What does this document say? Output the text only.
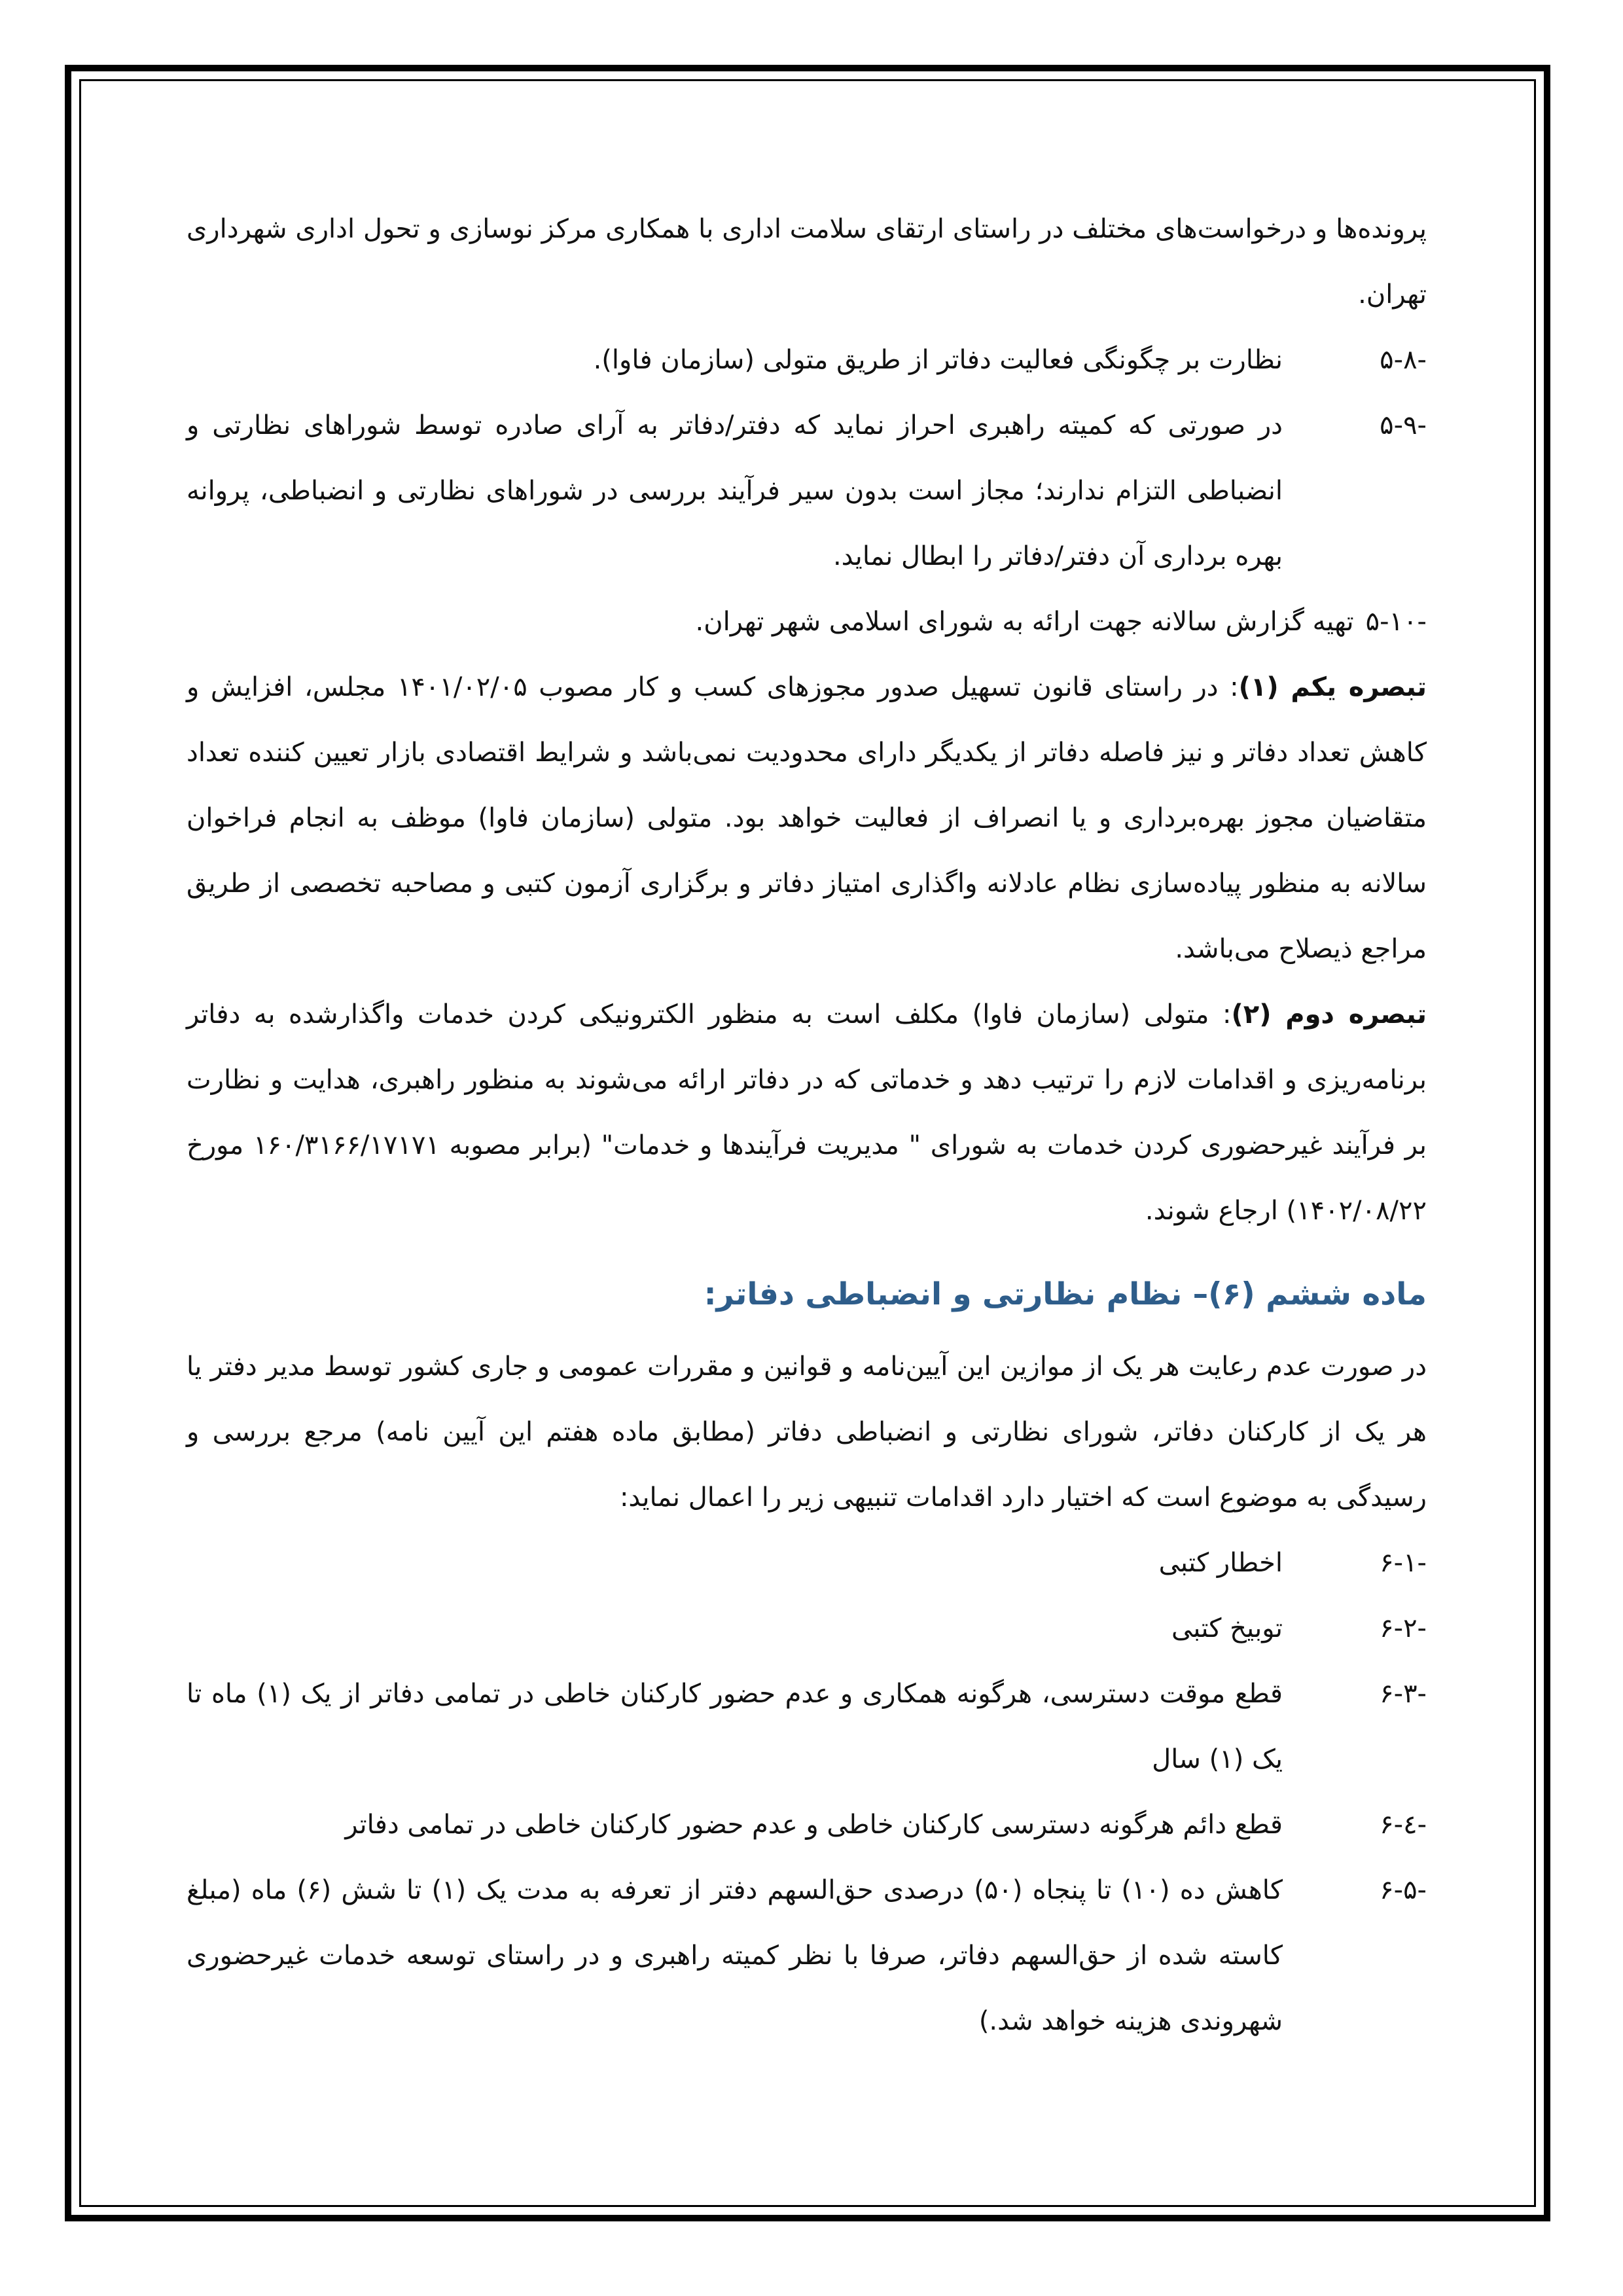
پرونده‌ها و درخواست‌های مختلف در راستای ارتقای سلامت اداری با همکاری مرکز نوسازی و تحول اداری شهرداری تهران.

۵-۸-
نظارت بر چگونگی فعالیت دفاتر از طریق متولی (سازمان فاوا).
۵-۹-
در صورتی که کمیته راهبری احراز نماید که دفتر/دفاتر به آرای صادره توسط شوراهای نظارتی و انضباطی التزام ندارند؛ مجاز است بدون سیر فرآیند بررسی در شوراهای نظارتی و انضباطی، پروانه بهره برداری آن دفتر/دفاتر را ابطال نماید.
۵-۱۰-تهیه گزارش سالانه جهت ارائه به شورای اسلامی شهر تهران.

تبصره یکم (۱): در راستای قانون تسهیل صدور مجوزهای کسب و کار مصوب ۱۴۰۱/۰۲/۰۵ مجلس، افزایش و کاهش تعداد دفاتر و نیز فاصله دفاتر از یکدیگر دارای محدودیت نمی‌باشد و شرایط اقتصادی بازار تعیین کننده تعداد متقاضیان مجوز بهره‌برداری و یا انصراف از فعالیت خواهد بود. متولی (سازمان فاوا) موظف به انجام فراخوان سالانه به منظور پیاده‌سازی نظام عادلانه واگذاری امتیاز دفاتر و برگزاری آزمون کتبی و مصاحبه تخصصی از طریق مراجع ذیصلاح می‌باشد.

تبصره دوم (۲): متولی (سازمان فاوا) مکلف است به منظور الکترونیکی کردن خدمات واگذارشده به دفاتر برنامه‌ریزی و اقدامات لازم را ترتیب دهد و خدماتی که در دفاتر ارائه می‌شوند به منظور راهبری، هدایت و نظارت بر فرآیند غیرحضوری کردن خدمات به شورای " مدیریت فرآیندها و خدمات" (برابر مصوبه ۱۶۰/۳۱۶۶/۱۷۱۷۱ مورخ ۱۴۰۲/۰۸/۲۲) ارجاع شوند.

ماده ششم (۶)– نظام نظارتی و انضباطی دفاتر:

در صورت عدم رعایت هر یک از موازین این آیین‌نامه و قوانین و مقررات عمومی و جاری کشور توسط مدیر دفتر یا هر یک از کارکنان دفاتر، شورای نظارتی و انضباطی دفاتر (مطابق ماده هفتم این آیین نامه) مرجع بررسی و رسیدگی به موضوع است که اختیار دارد اقدامات تنبیهی زیر را اعمال نماید:

۶-۱-
اخطار کتبی
۶-۲-
توبیخ کتبی
۶-۳-
قطع موقت دسترسی، هرگونه همکاری و عدم حضور کارکنان خاطی در تمامی دفاتر از یک (۱) ماه تا یک (۱) سال
۶-٤-
قطع دائم هرگونه دسترسی کارکنان خاطی و عدم حضور کارکنان خاطی در تمامی دفاتر
۶-۵-
کاهش ده (۱۰) تا پنجاه (۵۰) درصدی حق‌السهم دفتر از تعرفه به مدت یک (۱) تا شش (۶) ماه (مبلغ کاسته شده از حق‌السهم دفاتر، صرفا با نظر کمیته راهبری و در راستای توسعه خدمات غیرحضوری شهروندی هزینه خواهد شد.)
